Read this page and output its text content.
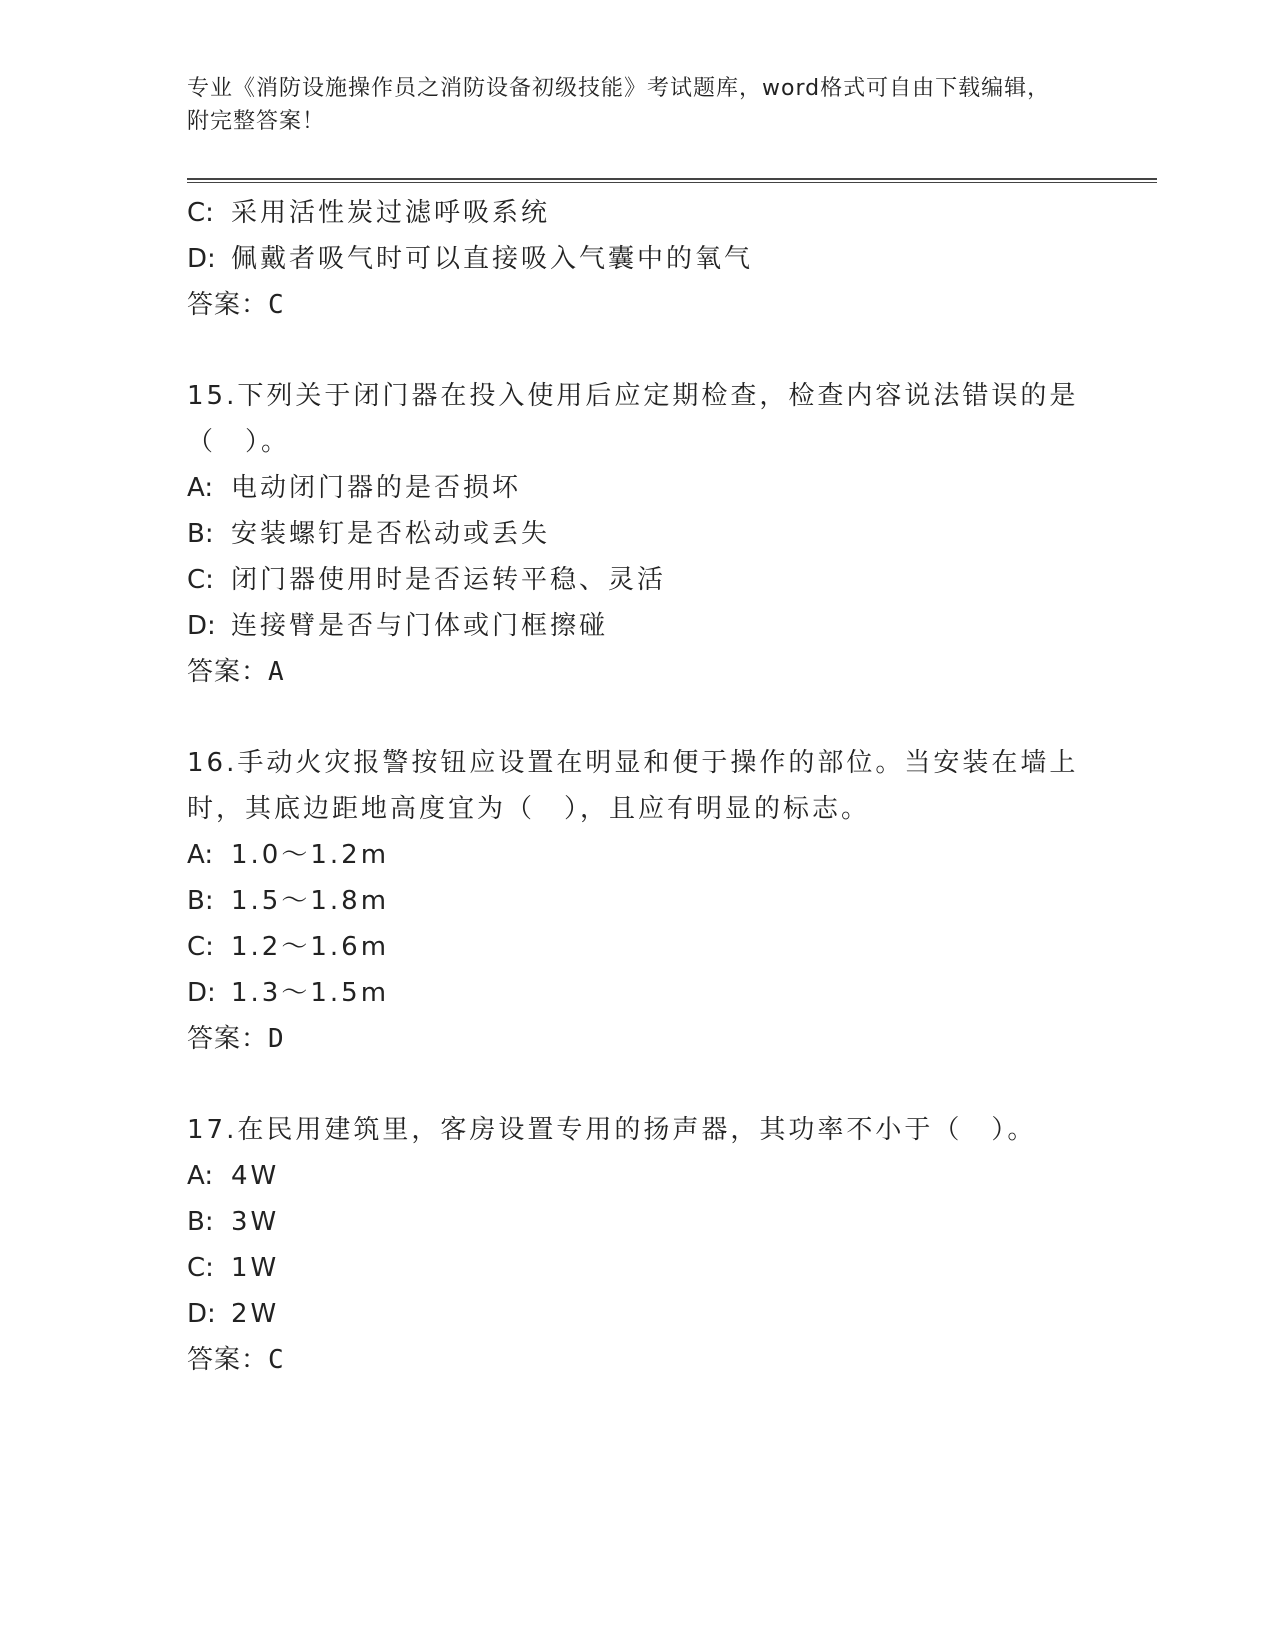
专业《消防设施操作员之消防设备初级技能》考试题库，word格式可自由下载编辑，附完整答案！
C: 采用活性炭过滤呼吸系统
D: 佩戴者吸气时可以直接吸入气囊中的氧气
答案：C
15.下列关于闭门器在投入使用后应定期检查，检查内容说法错误的是（　）。
A: 电动闭门器的是否损坏
B: 安装螺钉是否松动或丢失
C: 闭门器使用时是否运转平稳、灵活
D: 连接臂是否与门体或门框擦碰
答案：A
16.手动火灾报警按钮应设置在明显和便于操作的部位。当安装在墙上时，其底边距地高度宜为（　），且应有明显的标志。
A: 1.0～1.2m
B: 1.5～1.8m
C: 1.2～1.6m
D: 1.3～1.5m
答案：D
17.在民用建筑里，客房设置专用的扬声器，其功率不小于（　）。
A: 4W
B: 3W
C: 1W
D: 2W
答案：C
